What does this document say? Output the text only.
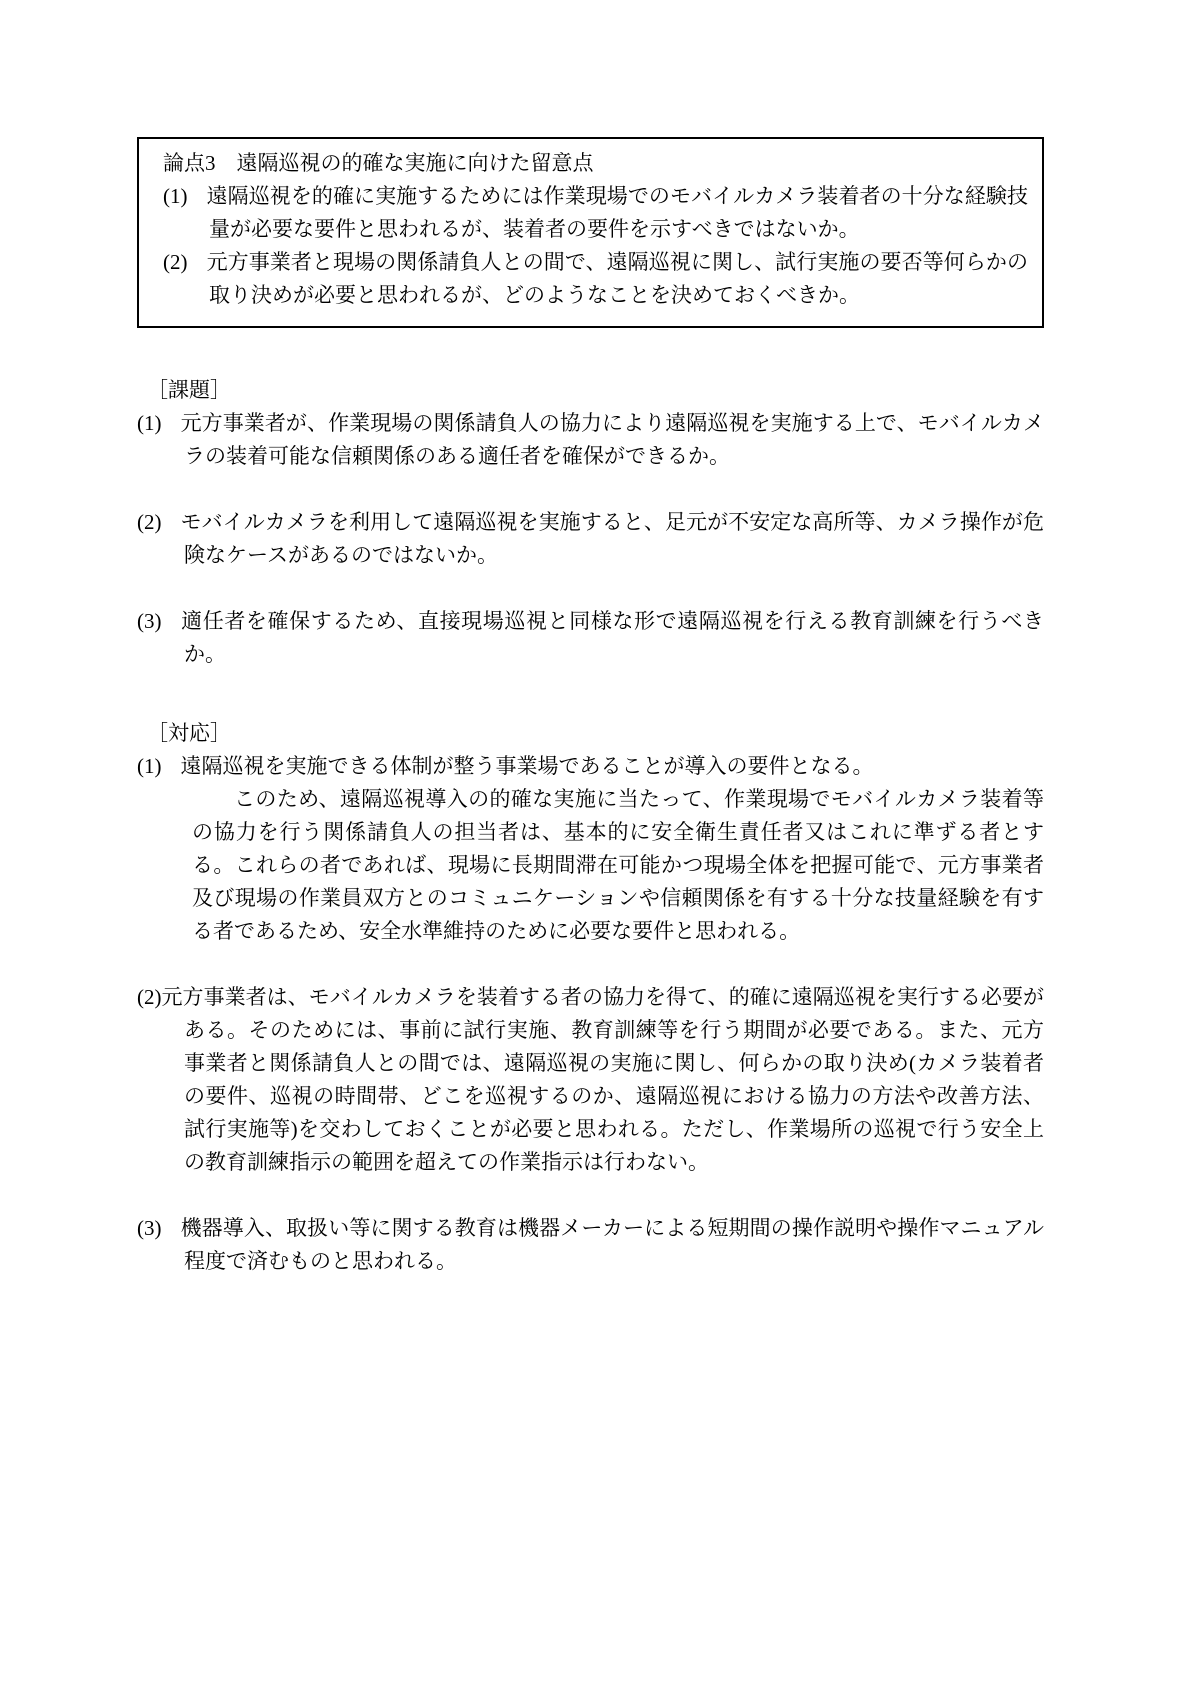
論点3　遠隔巡視の的確な実施に向けた留意点
(1) 遠隔巡視を的確に実施するためには作業現場でのモバイルカメラ装着者の十分な経験技量が必要な要件と思われるが、装着者の要件を示すべきではないか。
(2) 元方事業者と現場の関係請負人との間で、遠隔巡視に関し、試行実施の要否等何らかの取り決めが必要と思われるが、どのようなことを決めておくべきか。
［課題］
(1) 元方事業者が、作業現場の関係請負人の協力により遠隔巡視を実施する上で、モバイルカメラの装着可能な信頼関係のある適任者を確保ができるか。
(2) モバイルカメラを利用して遠隔巡視を実施すると、足元が不安定な高所等、カメラ操作が危険なケースがあるのではないか。
(3) 適任者を確保するため、直接現場巡視と同様な形で遠隔巡視を行える教育訓練を行うべきか。
［対応］
(1) 遠隔巡視を実施できる体制が整う事業場であることが導入の要件となる。

このため、遠隔巡視導入の的確な実施に当たって、作業現場でモバイルカメラ装着等の協力を行う関係請負人の担当者は、基本的に安全衛生責任者又はこれに準ずる者とする。これらの者であれば、現場に長期間滞在可能かつ現場全体を把握可能で、元方事業者及び現場の作業員双方とのコミュニケーションや信頼関係を有する十分な技量経験を有する者であるため、安全水準維持のために必要な要件と思われる。

(2)元方事業者は、モバイルカメラを装着する者の協力を得て、的確に遠隔巡視を実行する必要がある。そのためには、事前に試行実施、教育訓練等を行う期間が必要である。また、元方事業者と関係請負人との間では、遠隔巡視の実施に関し、何らかの取り決め(カメラ装着者の要件、巡視の時間帯、どこを巡視するのか、遠隔巡視における協力の方法や改善方法、試行実施等)を交わしておくことが必要と思われる。ただし、作業場所の巡視で行う安全上の教育訓練指示の範囲を超えての作業指示は行わない。
(3) 機器導入、取扱い等に関する教育は機器メーカーによる短期間の操作説明や操作マニュアル程度で済むものと思われる。
